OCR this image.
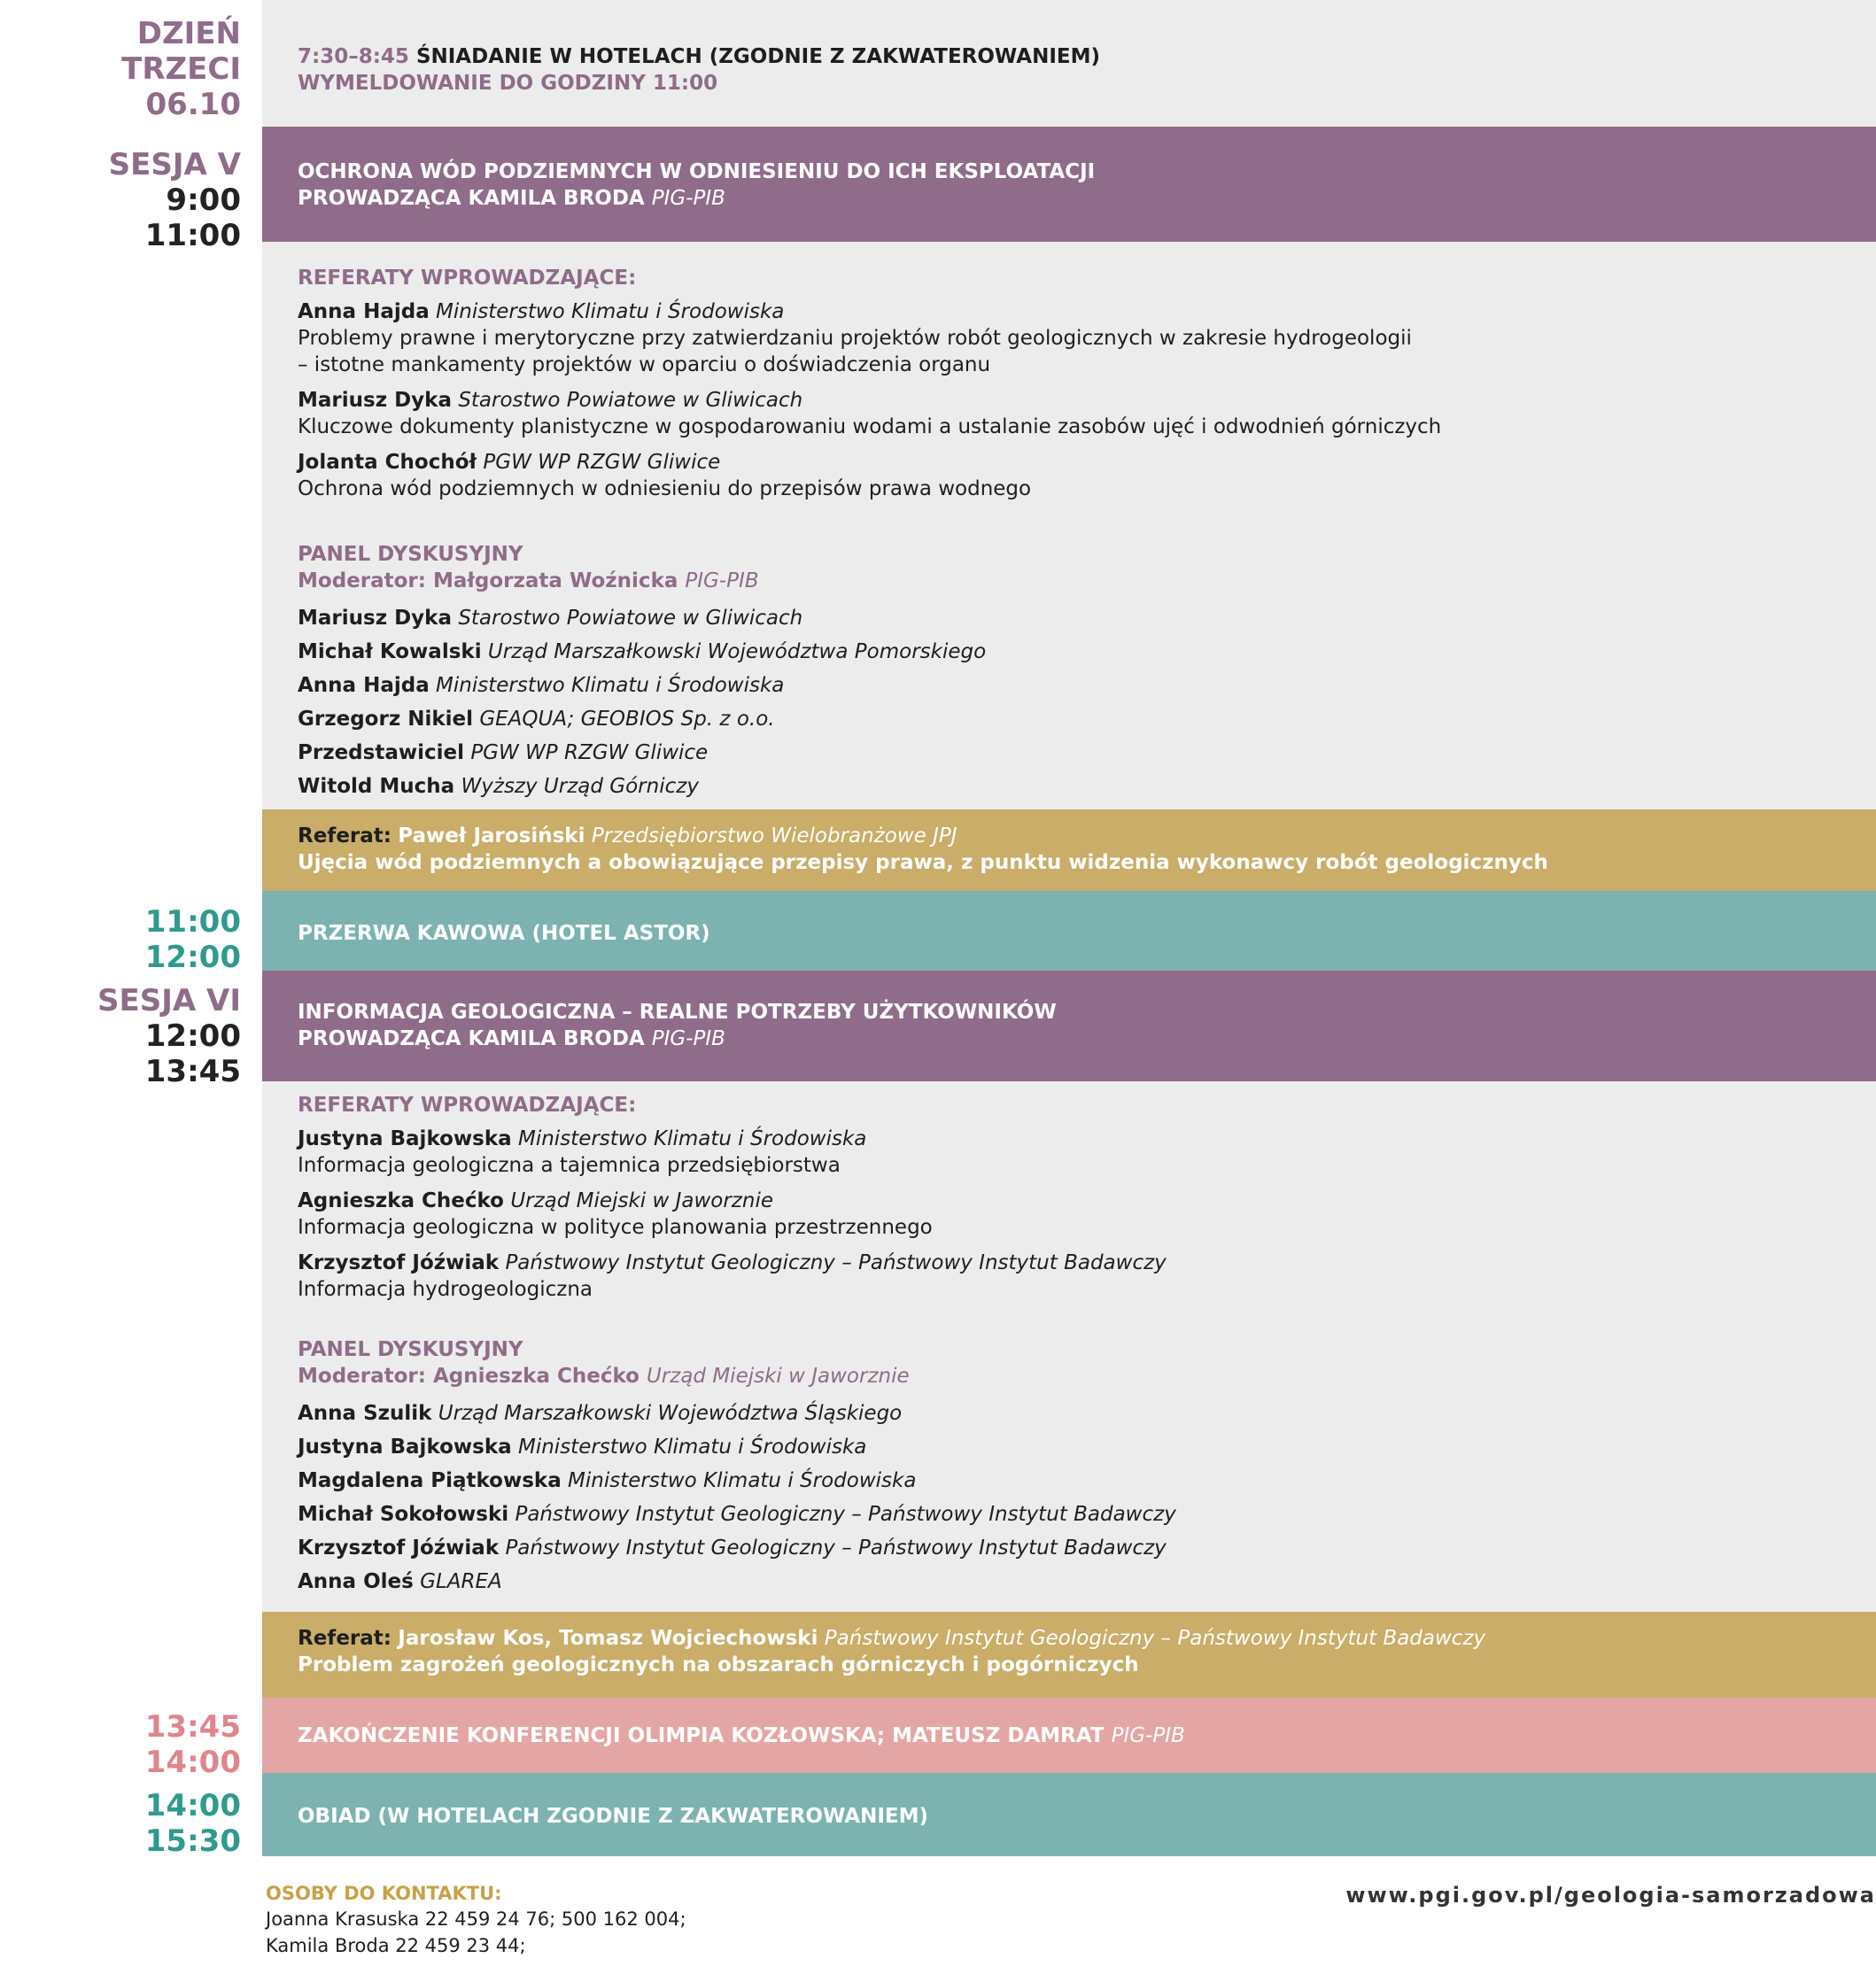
DZIEŃ
TRZECI
06.10
SESJA V
9:00
11:00
11:00
12:00
SESJA VI
12:00
13:45
13:45
14:00
14:00
15:30
7:30–8:45 ŚNIADANIE W HOTELACH (ZGODNIE Z ZAKWATEROWANIEM)
WYMELDOWANIE DO GODZINY 11:00
OCHRONA WÓD PODZIEMNYCH W ODNIESIENIU DO ICH EKSPLOATACJI
PROWADZĄCA KAMILA BRODA PIG-PIB
REFERATY WPROWADZAJĄCE:
Anna Hajda Ministerstwo Klimatu i Środowiska
Problemy prawne i merytoryczne przy zatwierdzaniu projektów robót geologicznych w zakresie hydrogeologii
– istotne mankamenty projektów w oparciu o doświadczenia organu
Mariusz Dyka Starostwo Powiatowe w Gliwicach
Kluczowe dokumenty planistyczne w gospodarowaniu wodami a ustalanie zasobów ujęć i odwodnień górniczych
Jolanta Chochół PGW WP RZGW Gliwice
Ochrona wód podziemnych w odniesieniu do przepisów prawa wodnego
PANEL DYSKUSYJNY
Moderator: Małgorzata Woźnicka PIG-PIB
Mariusz Dyka Starostwo Powiatowe w Gliwicach
Michał Kowalski Urząd Marszałkowski Województwa Pomorskiego
Anna Hajda Ministerstwo Klimatu i Środowiska
Grzegorz Nikiel GEAQUA; GEOBIOS Sp. z o.o.
Przedstawiciel PGW WP RZGW Gliwice
Witold Mucha Wyższy Urząd Górniczy
Referat: Paweł Jarosiński Przedsiębiorstwo Wielobranżowe JPJ
Ujęcia wód podziemnych a obowiązujące przepisy prawa, z punktu widzenia wykonawcy robót geologicznych
PRZERWA KAWOWA (HOTEL ASTOR)
INFORMACJA GEOLOGICZNA – REALNE POTRZEBY UŻYTKOWNIKÓW
PROWADZĄCA KAMILA BRODA PIG-PIB
REFERATY WPROWADZAJĄCE:
Justyna Bajkowska Ministerstwo Klimatu i Środowiska
Informacja geologiczna a tajemnica przedsiębiorstwa
Agnieszka Chećko Urząd Miejski w Jaworznie
Informacja geologiczna w polityce planowania przestrzennego
Krzysztof Jóźwiak Państwowy Instytut Geologiczny – Państwowy Instytut Badawczy
Informacja hydrogeologiczna
PANEL DYSKUSYJNY
Moderator: Agnieszka Chećko Urząd Miejski w Jaworznie
Anna Szulik Urząd Marszałkowski Województwa Śląskiego
Justyna Bajkowska Ministerstwo Klimatu i Środowiska
Magdalena Piątkowska Ministerstwo Klimatu i Środowiska
Michał Sokołowski Państwowy Instytut Geologiczny – Państwowy Instytut Badawczy
Krzysztof Jóźwiak Państwowy Instytut Geologiczny – Państwowy Instytut Badawczy
Anna Oleś GLAREA
Referat: Jarosław Kos, Tomasz Wojciechowski Państwowy Instytut Geologiczny – Państwowy Instytut Badawczy
Problem zagrożeń geologicznych na obszarach górniczych i pogórniczych
ZAKOŃCZENIE KONFERENCJI OLIMPIA KOZŁOWSKA; MATEUSZ DAMRAT PIG-PIB
OBIAD (W HOTELACH ZGODNIE Z ZAKWATEROWANIEM)
OSOBY DO KONTAKTU:
Joanna Krasuska 22 459 24 76; 500 162 004;
Kamila Broda 22 459 23 44;
www.pgi.gov.pl/geologia-samorzadowa
